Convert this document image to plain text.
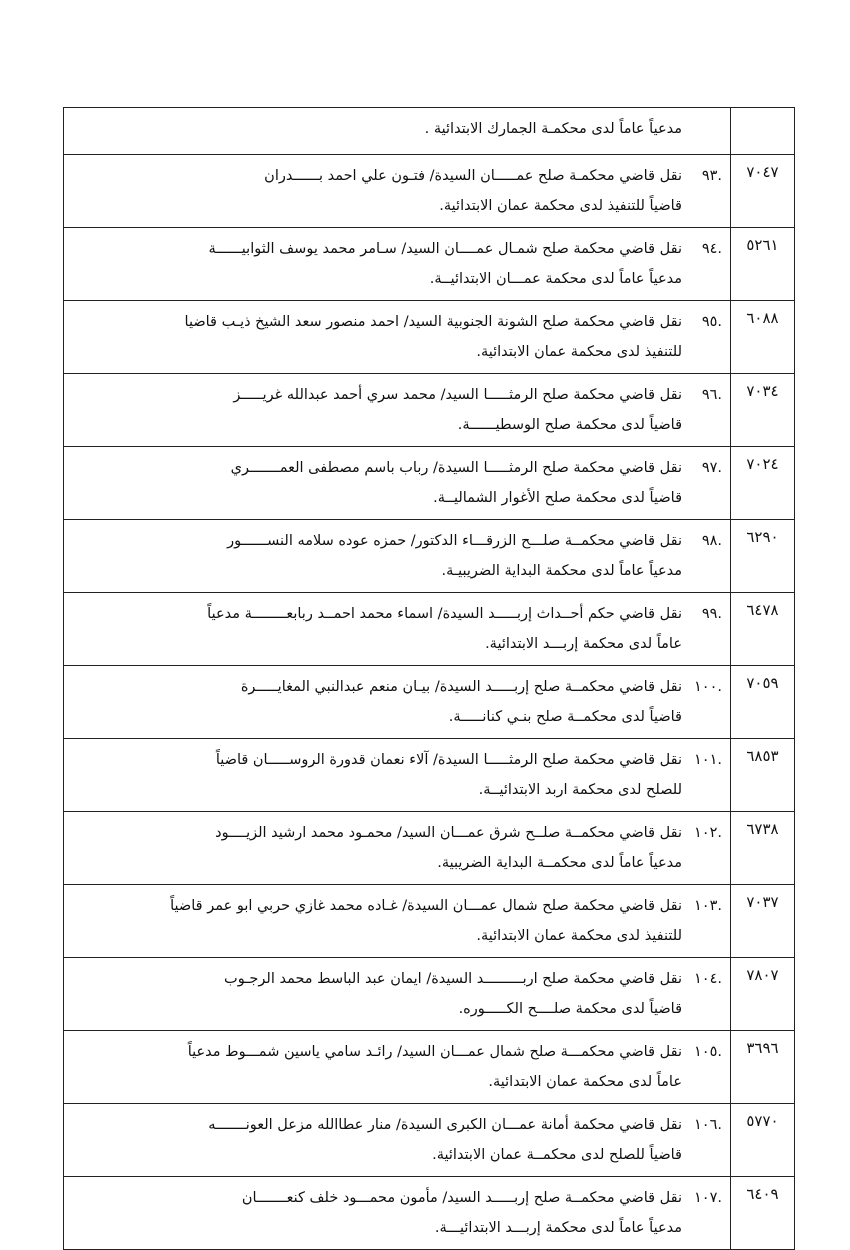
	مدعياً عاماً لدى محكمـة الجمارك الابتدائية .

٧٠٤٧	.٩٣
نقل قاضي محكمـة صلح عمـــــان السيدة/ فتـون علي احمد بــــــدران
قاضياً للتنفيذ لدى محكمة عمان الابتدائية.

٥٢٦١	.٩٤
نقل قاضي محكمة صلح شمـال عمــــان السيد/ سـامر محمد يوسف الثوابيــــــة
مدعياً عاماً لدى محكمة عمـــان الابتدائيــة.

٦٠٨٨	.٩٥
نقل قاضي محكمة صلح الشونة الجنوبية السيد/ احمد منصور سعد الشيخ ذيـب قاضيا
للتنفيذ لدى محكمة عمان الابتدائية.

٧٠٣٤	.٩٦
نقل قاضي محكمة صلح الرمثـــــا السيد/ محمد سري أحمد عبدالله غريـــــز
قاضياً لدى محكمة صلح الوسطيــــــة.

٧٠٢٤	.٩٧
نقل قاضي محكمة صلح الرمثـــــا السيدة/ رباب باسم مصطفى العمـــــــري
قاضياً لدى محكمة صلح الأغوار الشماليــة.

٦٢٩٠	.٩٨
نقل قاضي محكمــة صلـــح الزرقـــاء الدكتور/ حمزه عوده سلامه النســــــور
مدعياً عاماً لدى محكمة البداية الضريبيـة.

٦٤٧٨	.٩٩
نقل قاضي حكم أحــداث إربـــــد السيدة/ اسماء محمد احمــد ربابعــــــــة مدعياً
عاماً لدى محكمة إربـــد الابتدائية.

٧٠٥٩	.١٠٠
نقل قاضي محكمــة صلح إربـــــد السيدة/ بيـان منعم عبدالنبي المغايـــــرة
قاضياً لدى محكمــة صلح بنـي كنانـــــة.

٦٨٥٣	.١٠١
نقل قاضي محكمة صلح الرمثـــــا السيدة/ آلاء نعمان قدورة الروســـــان قاضياً
للصلح لدى محكمة اربد الابتدائيــة.

٦٧٣٨	.١٠٢
نقل قاضي محكمــة صلــح شرق عمـــان السيد/ محمـود محمد ارشيد الزيــــود
مدعياً عاماً لدى محكمــة البداية الضريبية.

٧٠٣٧	.١٠٣
نقل قاضي محكمة صلح شمال عمـــان السيدة/ غـاده محمد غازي حربي ابو عمر قاضياً
للتنفيذ لدى محكمة عمان الابتدائية.

٧٨٠٧	.١٠٤
نقل قاضي محكمة صلح اربـــــــــد السيدة/ ايمان عبد الباسط محمد الرجـوب
قاضياً لدى محكمة صلــــح الكـــــوره.

٣٦٩٦	.١٠٥
نقل قاضي محكمـــة صلح شمال عمـــان السيد/ رائـد سامي ياسين شمـــوط مدعياً
عاماً لدى محكمة عمان الابتدائية.

٥٧٧٠	.١٠٦
نقل قاضي محكمة أمانة عمـــان الكبرى السيدة/ منار عطاالله مزعل العونـــــــه
قاضياً للصلح لدى محكمــة عمان الابتدائية.

٦٤٠٩	.١٠٧
نقل قاضي محكمــة صلح إربـــــد السيد/ مأمون محمـــود خلف كنعـــــــان
مدعياً عاماً لدى محكمة إربـــد الابتدائيـــة.
